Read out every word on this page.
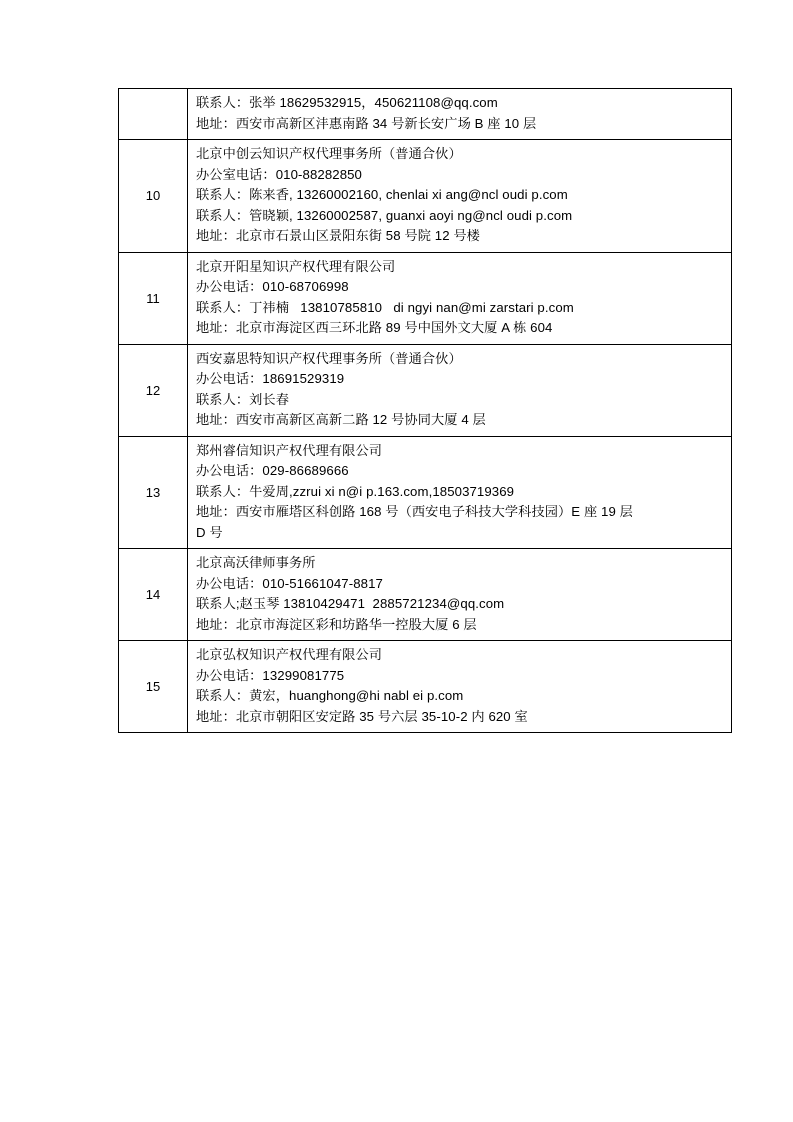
	联系人：张举 18629532915，450621108@qq.com
地址：西安市高新区沣惠南路 34 号新长安广场 B 座 10 层

10	北京中创云知识产权代理事务所（普通合伙）
办公室电话：010-88282850
联系人：陈来香, 13260002160, chenlai xi ang@ncl oudi p.com
联系人：管晓颖, 13260002587, guanxi aoyi ng@ncl oudi p.com
地址：北京市石景山区景阳东街 58 号院 12 号楼

11	北京开阳星知识产权代理有限公司
办公电话：010-68706998
联系人：丁祎楠   13810785810   di ngyi nan@mi zarstari p.com
地址：北京市海淀区西三环北路 89 号中国外文大厦 A 栋 604

12	西安嘉思特知识产权代理事务所（普通合伙）
办公电话：18691529319
联系人：刘长春
地址：西安市高新区高新二路 12 号协同大厦 4 层

13	郑州睿信知识产权代理有限公司
办公电话：029-86689666
联系人：牛爱周,zzrui xi n@i p.163.com,18503719369
地址：西安市雁塔区科创路 168 号（西安电子科技大学科技园）E 座 19 层
D 号

14	北京高沃律师事务所
办公电话：010-51661047-8817
联系人;赵玉琴 13810429471  2885721234@qq.com
地址：北京市海淀区彩和坊路华一控股大厦 6 层

15	北京弘权知识产权代理有限公司
办公电话：13299081775
联系人：黄宏，huanghong@hi nabl ei p.com
地址：北京市朝阳区安定路 35 号六层 35-10-2 内 620 室
